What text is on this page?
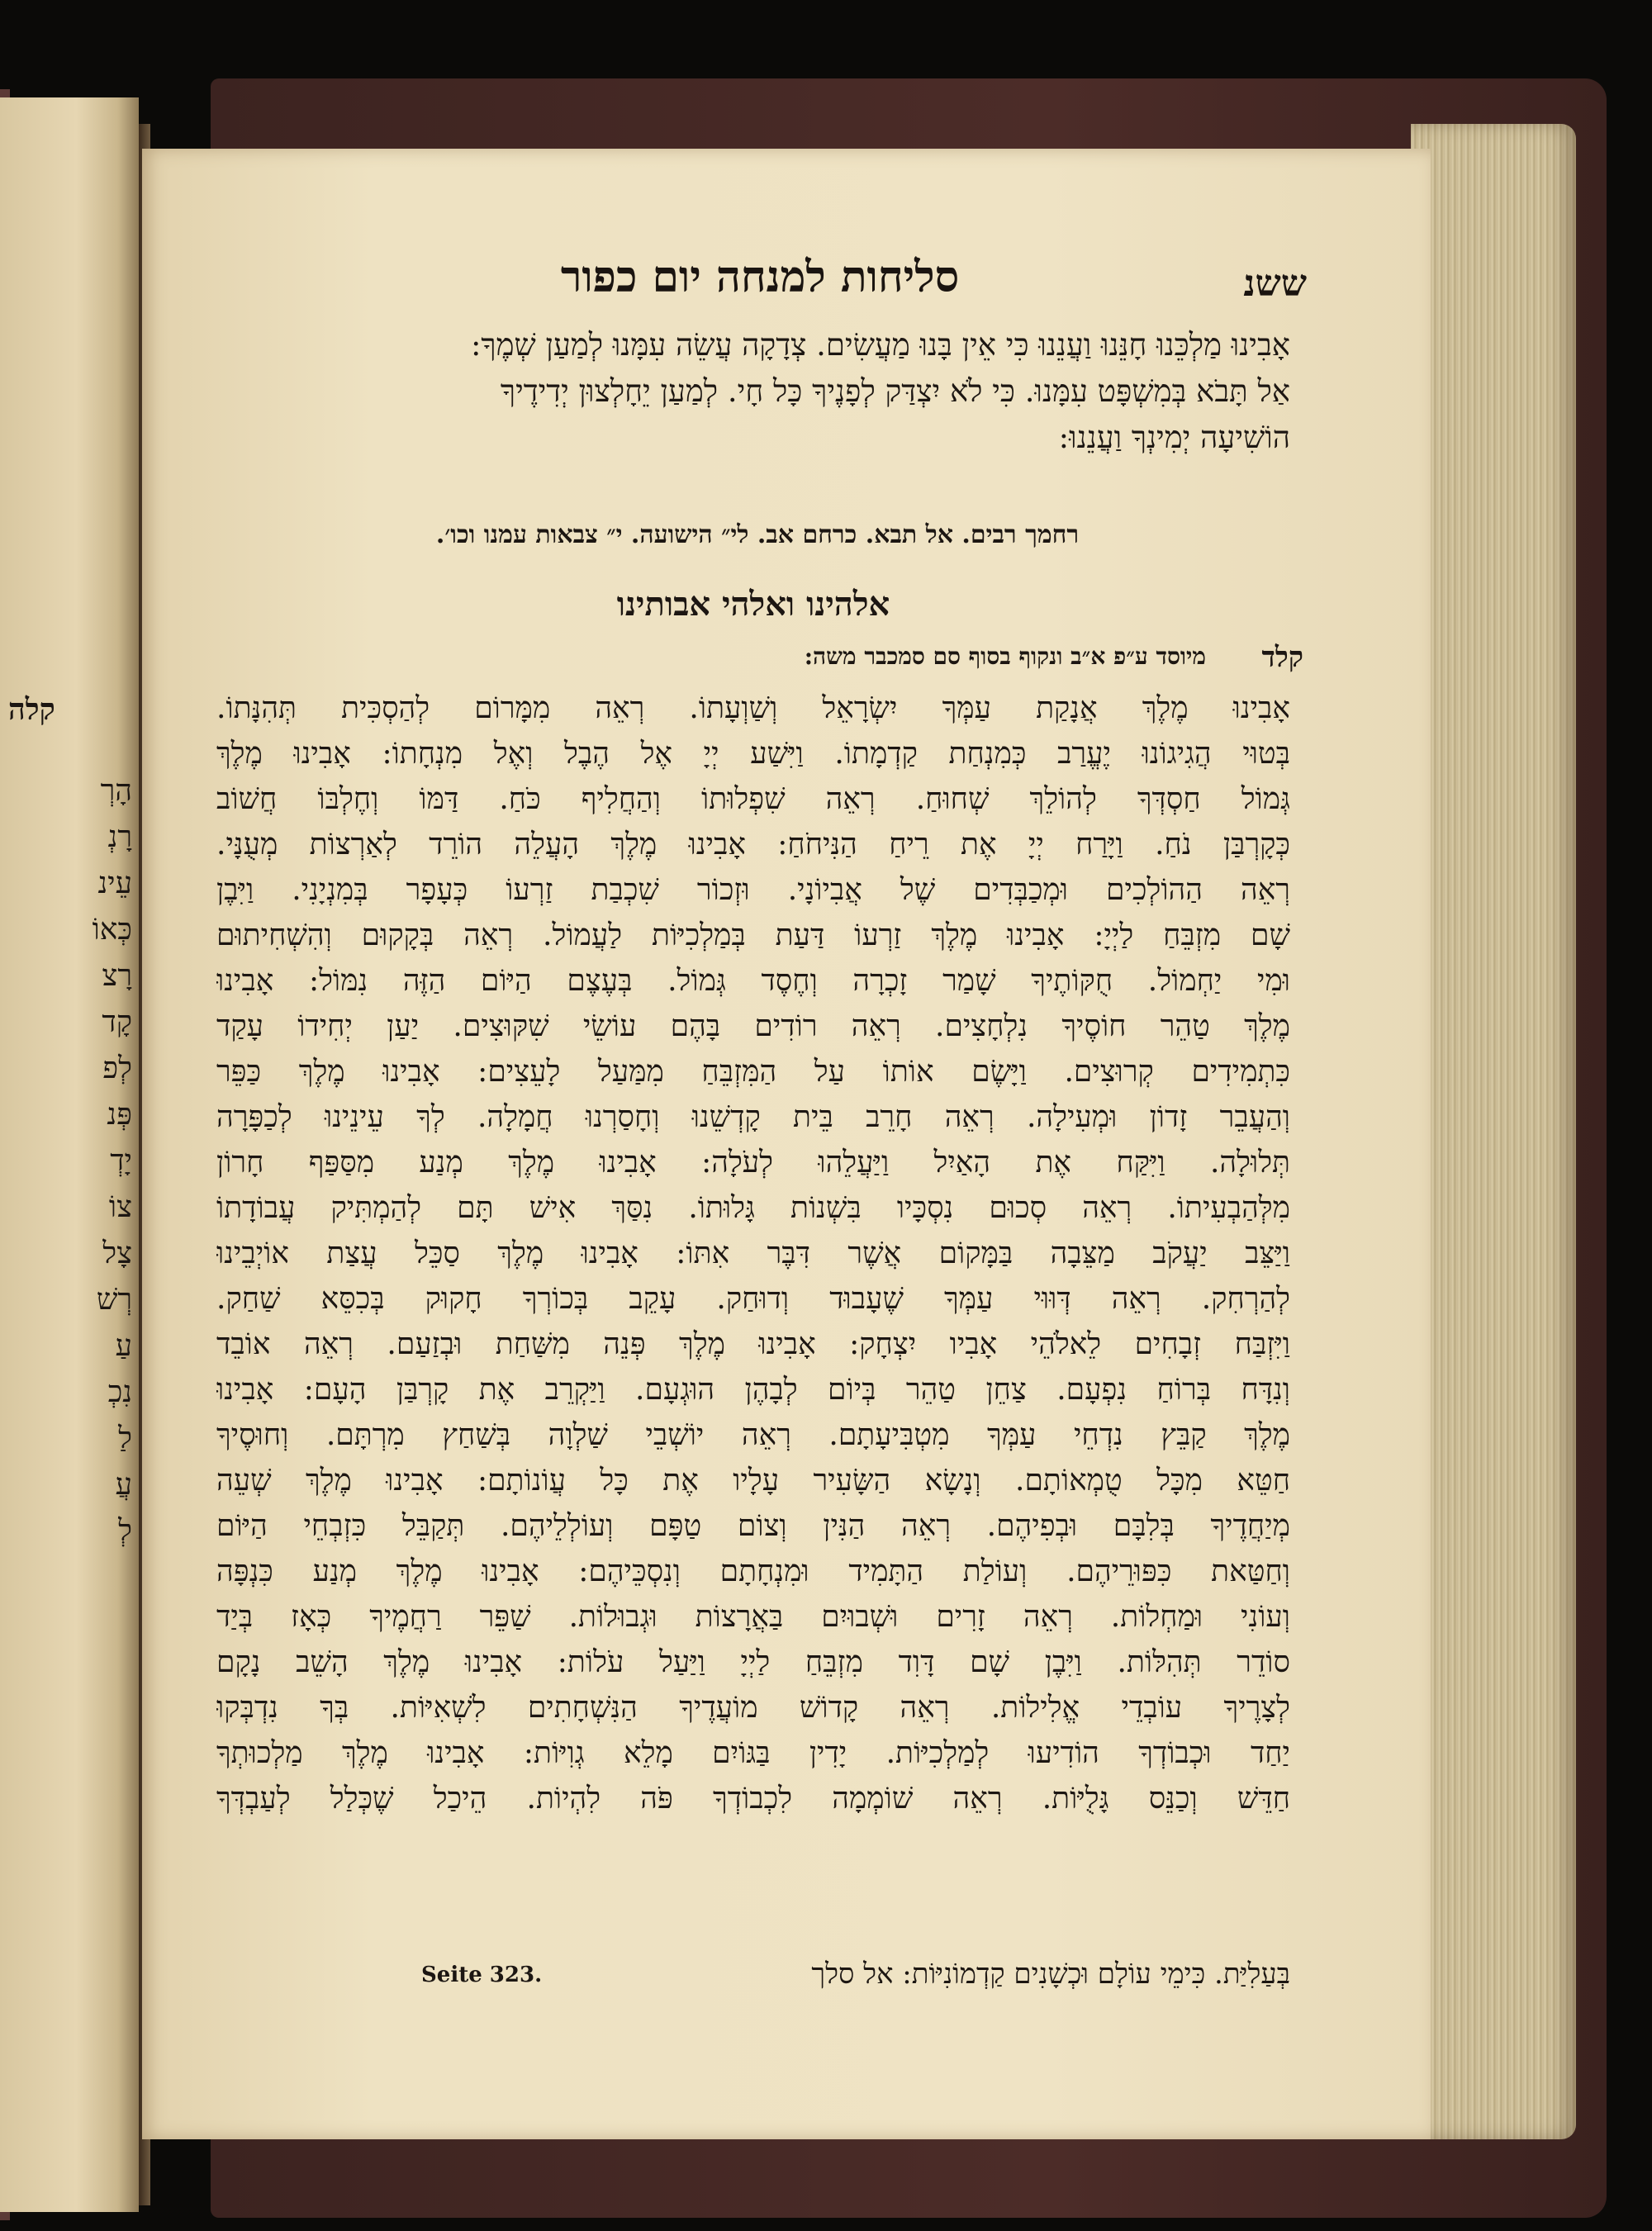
קלה
הָרְ
רָנְ
עֵינ
כְּאוֹ
רָצ
קָד
לְפ
פְּנ
יָדְ
צוֹ
צָל
רְשׁ
עַ
נִכְ
לַ
עֲ
לְ
סליחות למנחה יום כפור	ששנ
אָבִינוּ מַלְכֵּנוּ חָנֵּנוּ וַעֲנֵנוּ כִּי אֵין בָּנוּ מַעֲשִׂים. צְדָקָה עֲשֵׂה עִמָּנוּ לְמַעַן שְׁמֶךָ:
אַל תָּבֹא בְּמִשְׁפָּט עִמָּנוּ. כִּי לֹא יִצְדַּק לְפָנֶיךָ כָּל חָי. לְמַעַן יֵחָלְצוּן יְדִידֶיךָ
הוֹשִׁיעָה יְמִינְךָ וַעֲנֵנוּ:
רחמך רבים. אל תבא. כרחם אב. לי״ הישועה. י״ צבאות עמנו וכו׳.
אלהינו ואלהי אבותינו
קלד
מיוסד ע״פ א״ב ונקוף בסוף סם סמכבר משה:
אָבִינוּ מֶלֶךְ אֲנָקַת עַמְּךָ יִשְׂרָאֵל וְשַׁוְעָתוֹ. רְאֵה מִמָּרוֹם לְהַסְכִּית תְּהִנָּתוֹ.
בְּטוּי הֲגִיגוֹנוּ יֶעֱרַב כְּמִנְחַת קַדְמָתוֹ. וַיִּשַׁע יְיָ אֶל הֶבֶל וְאֶל מִנְחָתוֹ: אָבִינוּ מֶלֶךְ
גְּמוֹל חַסְדְּךָ לְהוֹלֵךְ שְׁחוּחַ. רְאֵה שִׁפְלוּתוֹ וְהַחֲלִיף כֹּחַ. דַּמּוֹ וְחֶלְבּוֹ חֲשׁוֹב
כְּקָרְבַּן נֹחַ. וַיָּרַח יְיָ אֶת רֵיחַ הַנִּיחֹחַ: אָבִינוּ מֶלֶךְ הָעֲלֵה הוֹרֵד לְאַרְצוֹת מְעֻנָּי.
רְאֵה הַהוֹלְכִים וּמְכַבְּדִים שֶׁל אֲבִיוֹנָי. וּזְכוֹר שִׁכְבַת זַרְעוֹ כְּעָפָר בְּמִנְיָנִי. וַיִּבֶן
שָׁם מִזְבֵּחַ לַיְיָ: אָבִינוּ מֶלֶךְ זַרְעוֹ דַּעַת בְּמַלְכִיּוֹת לַעֲמוֹל. רְאֵה בְּקָקוּם וְהִשְׁחִיתוּם
וּמִי יַחְמוֹל. חֻקּוֹתֶיךָ שָׁמַר זָכְרָה וְחֶסֶד גְּמוֹל. בְּעֶצֶם הַיּוֹם הַזֶּה נִמּוֹל: אָבִינוּ
מֶלֶךְ טַהֵר חוֹסֶיךָ נִלְחָצִים. רְאֵה רוֹדִים בָּהֶם עוֹשֵׂי שִׁקּוּצִים. יַעַן יְחִידוֹ עָקַד
כִּתְמִידִים קְרוּצִים. וַיָּשֶׂם אוֹתוֹ עַל הַמִּזְבֵּחַ מִמַּעַל לָעֵצִים: אָבִינוּ מֶלֶךְ כַּפֵּר
וְהַעֲבֵר זָדוֹן וּמְעִילָה. רְאֵה חָרֵב בֵּית קָדְשֵׁנוּ וְחָסַרְנוּ חֲמָלָה. לְךָ עֵינֵינוּ לְכַפָּרָה
תְּלוּלָה. וַיִּקַּח אֶת הָאַיִל וַיַּעֲלֵהוּ לְעֹלָה: אָבִינוּ מֶלֶךְ מְנַע מִסַּפַּף חָרוֹן
מִלְּהַבְעִיתוֹ. רְאֵה סְכוּם נִסְכָּיו בִּשְׁנוֹת גָּלוּתוֹ. נִסַּךְ אִישׁ תָּם לְהַמְתִּיק עֲבוֹדָתוֹ
וַיַּצֵּב יַעֲקֹב מַצֵּבָה בַּמָּקוֹם אֲשֶׁר דִּבֶּר אִתּוֹ: אָבִינוּ מֶלֶךְ סַכֵּל עֲצַת אוֹיְבֵינוּ
לְהַרְחִק. רְאֵה דְּוּוּי עַמְּךָ שֶׁעָבוּד וְדוּחַק. עָקֵב בְּכוֹרְךָ חָקוּק בְּכִסֵּא שַׁחַק.
וַיִּזְבַּח זְבָחִים לֵאלֹהֵי אָבִיו יִצְחָק: אָבִינוּ מֶלֶךְ פְּנֵה מִשַּׁחַת וּבְזַעַם. רְאֵה אוֹבֵד
וְנִדָּח בְּרוֹחַ נִפְעָם. צַחֵן טַהֵר בְּיוֹם לְבָהֶן הוּגְעָם. וַיַּקְרֵב אֶת קָרְבַּן הָעָם: אָבִינוּ
מֶלֶךְ קַבֵּץ נִדְחֵי עַמְּךָ מִטְבִּיעָתָם. רְאֵה יוֹשְׁבֵי שַׁלְוָה בְּשַׁחַץ מִרְתָּם. וְחוּסֶיךָ
חַטֵּא מִכָּל טֻמְאוֹתָם. וְנָשָׂא הַשָּׂעִיר עָלָיו אֶת כָּל עֲוֹנוֹתָם: אָבִינוּ מֶלֶךְ שְׁעֵה
מְיַחֲדֶיךָ בְּלִבָּם וּבְפִיהֶם. רְאֵה הַנִּין וְצוֹם טַפָּם וְעוֹלְלֵיהֶם. תְּקַבֵּל כִּזְבְחֵי הַיּוֹם
וְחַטַּאת כִּפּוּרֵיהֶם. וְעוֹלַת הַתָּמִיד וּמִנְחָתָם וְנִסְכֵּיהֶם: אָבִינוּ מֶלֶךְ מְנַע כִּנְפָּה
וְעוֹנִי וּמַחְלוֹת. רְאֵה זָרִים וּשְׁבוּיִם בַּאֲרָצוֹת וּגְבוּלוֹת. שַׁפֵּר רַחֲמֶיךָ כְּאָז בְּיַד
סוֹדֵר תְּהִלּוֹת. וַיִּבֶן שָׁם דָּוִד מִזְבֵּחַ לַיְיָ וַיַּעַל עֹלוֹת: אָבִינוּ מֶלֶךְ הָשֵׁב נָקָם
לְצָרֶיךָ עוֹבְדֵי אֱלִילוֹת. רְאֵה קָדוֹשׁ מוֹעֲדֶיךָ הַנִּשְׁחָתִים לִשְׁאִיּוֹת. בְּךָ נִדְבְּקוּ
יַחַד וּכְבוֹדְךָ הוֹדִיעוּ לְמַלְכִיּוֹת. יָדִין בַּגּוֹיִם מָלֵא גְוִיּוֹת: אָבִינוּ מֶלֶךְ מַלְכוּתְךָ
חַדֵּשׁ וְכַנֵּס גָּלֻיּוֹת. רְאֵה שׁוֹמְמָה לִכְבוֹדְךָ פֹּה לִהְיוֹת. הֵיכַל שֶׁכְּלַל לְעַבְדְּךָ
בְּעַלִיַּת. כִּימֵי עוֹלָם וּכְשָׁנִים קַדְמוֹנִיּוֹת: אל סלך
Seite 323.
